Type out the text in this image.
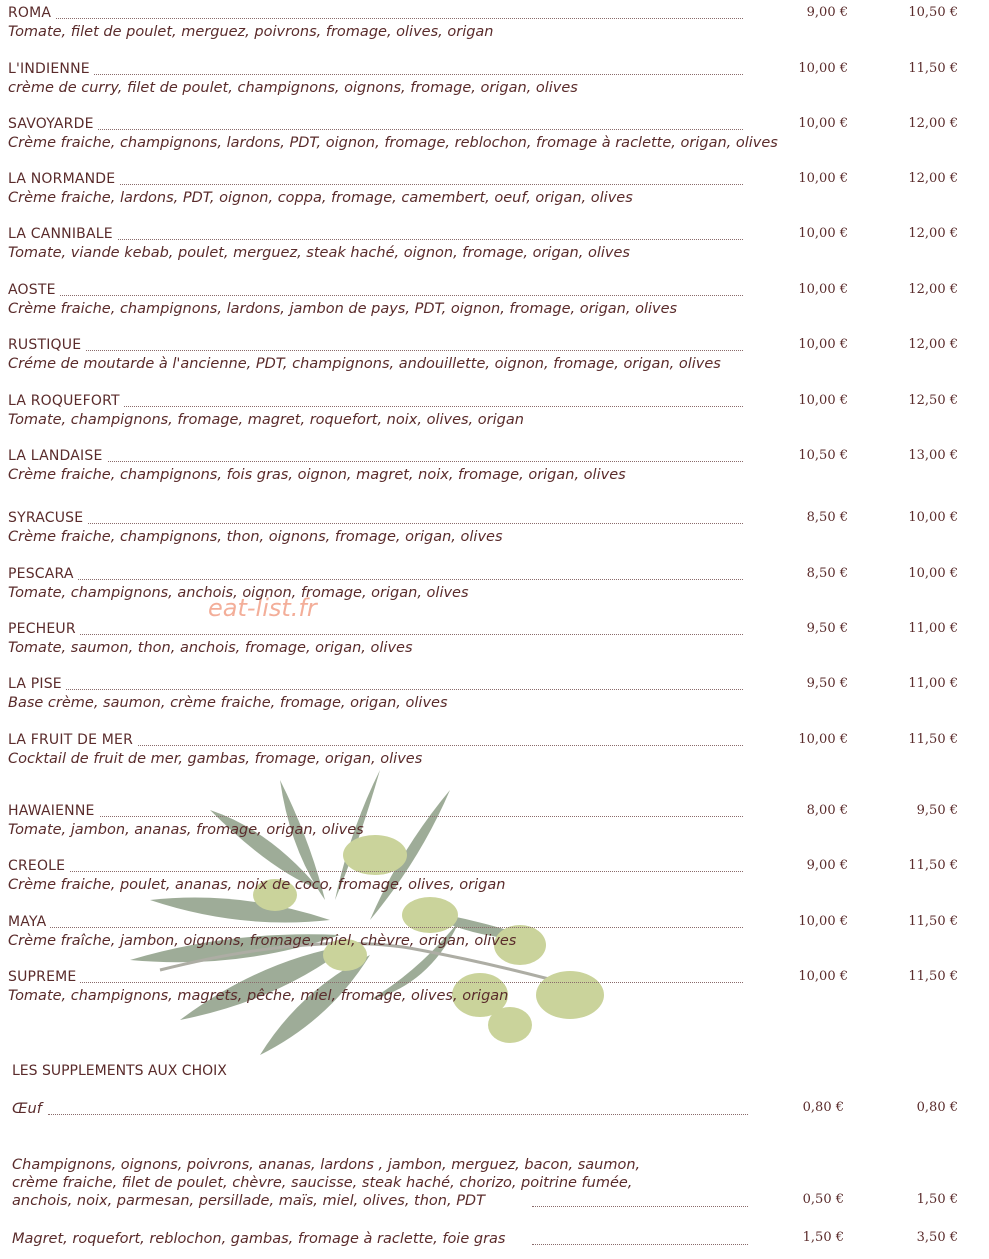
ROMA	9,00 €	10,50 €
Tomate, filet de poulet, merguez, poivrons, fromage, olives, origan
L'INDIENNE	10,00 €	11,50 €
crème de curry, filet de poulet, champignons, oignons, fromage, origan, olives
SAVOYARDE	10,00 €	12,00 €
Crème fraiche, champignons, lardons, PDT, oignon, fromage, reblochon, fromage à raclette, origan, olives
LA NORMANDE	10,00 €	12,00 €
Crème fraiche, lardons, PDT, oignon, coppa, fromage, camembert, oeuf, origan, olives
LA CANNIBALE	10,00 €	12,00 €
Tomate, viande kebab, poulet, merguez, steak haché, oignon, fromage, origan, olives
AOSTE	10,00 €	12,00 €
Crème fraiche, champignons, lardons, jambon de pays, PDT, oignon, fromage, origan, olives
RUSTIQUE	10,00 €	12,00 €
Créme de moutarde à l'ancienne, PDT, champignons, andouillette, oignon, fromage, origan, olives
LA ROQUEFORT	10,00 €	12,50 €
Tomate, champignons, fromage, magret, roquefort, noix, olives, origan
LA LANDAISE	10,50 €	13,00 €
Crème fraiche, champignons, fois gras, oignon, magret, noix, fromage, origan, olives
SYRACUSE	8,50 €	10,00 €
Crème fraiche, champignons, thon, oignons, fromage, origan, olives
PESCARA	8,50 €	10,00 €
Tomate, champignons, anchois, oignon, fromage, origan, olives
PECHEUR	9,50 €	11,00 €
Tomate, saumon, thon, anchois, fromage, origan, olives
LA PISE	9,50 €	11,00 €
Base crème, saumon, crème fraiche, fromage, origan, olives
LA FRUIT DE MER	10,00 €	11,50 €
Cocktail de fruit de mer, gambas, fromage, origan, olives
HAWAIENNE	8,00 €	9,50 €
Tomate, jambon, ananas, fromage, origan, olives
CREOLE	9,00 €	11,50 €
Crème fraiche, poulet, ananas, noix de coco, fromage, olives, origan
MAYA	10,00 €	11,50 €
Crème fraîche, jambon, oignons, fromage, miel, chèvre, origan, olives
SUPREME	10,00 €	11,50 €
Tomate, champignons, magrets, pêche, miel, fromage, olives, origan
eat-list.fr
LES SUPPLEMENTS AUX CHOIX
Œuf	0,80 €	0,80 €
Champignons, oignons, poivrons, ananas, lardons , jambon, merguez, bacon, saumon,
crème fraiche, filet de poulet, chèvre, saucisse, steak haché, chorizo, poitrine fumée,
anchois, noix, parmesan, persillade, maïs, miel, olives, thon, PDT	0,50 €	1,50 €
Magret, roquefort, reblochon, gambas, fromage à raclette, foie gras	1,50 €	3,50 €
